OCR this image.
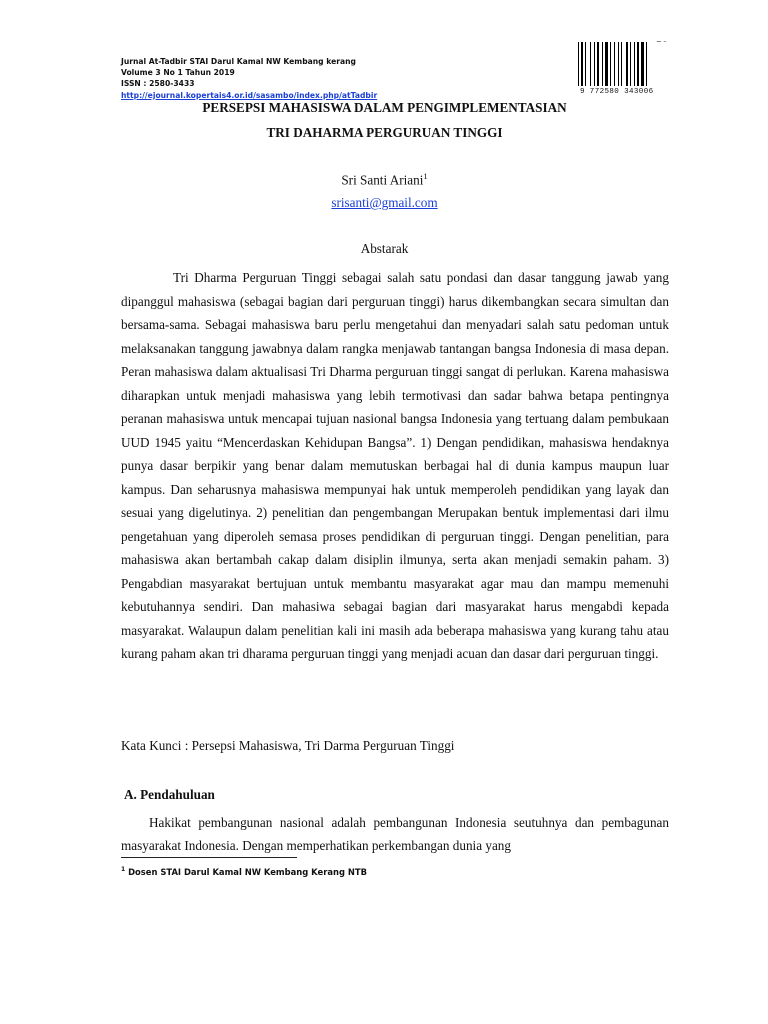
Jurnal At-Tadbir STAI Darul Kamal NW Kembang kerang
Volume 3 No 1 Tahun 2019
ISSN : 2580-3433
http://ejournal.kopertais4.or.id/sasambo/index.php/atTadbir	9 772580 343006
PERSEPSI MAHASISWA DALAM PENGIMPLEMENTASIAN
TRI DAHARMA PERGURUAN TINGGI
Sri Santi Ariani$^1$
srisanti@gmail.com
Abstarak

Tri Dharma Perguruan Tinggi sebagai salah satu pondasi dan dasar tanggung jawab yang dipanggul mahasiswa (sebagai bagian dari perguruan tinggi) harus dikembangkan secara simultan dan bersama-sama. Sebagai mahasiswa baru perlu mengetahui dan menyadari salah satu pedoman untuk melaksanakan tanggung jawabnya dalam rangka menjawab tantangan bangsa Indonesia di masa depan. Peran mahasiswa dalam aktualisasi Tri Dharma perguruan tinggi sangat di perlukan. Karena mahasiswa diharapkan untuk menjadi mahasiswa yang lebih termotivasi dan sadar bahwa betapa pentingnya peranan mahasiswa untuk mencapai tujuan nasional bangsa Indonesia yang tertuang dalam pembukaan UUD 1945 yaitu “Mencerdaskan Kehidupan Bangsa”. 1) Dengan pendidikan, mahasiswa hendaknya punya dasar berpikir yang benar dalam memutuskan berbagai hal di dunia kampus maupun luar kampus. Dan seharusnya mahasiswa mempunyai hak untuk memperoleh pendidikan yang layak dan sesuai yang digelutinya. 2) penelitian dan pengembangan Merupakan bentuk implementasi dari ilmu pengetahuan yang diperoleh semasa proses pendidikan di perguruan tinggi. Dengan penelitian, para mahasiswa akan bertambah cakap dalam disiplin ilmunya, serta akan menjadi semakin paham. 3) Pengabdian masyarakat bertujuan untuk membantu masyarakat agar mau dan mampu memenuhi kebutuhannya sendiri. Dan mahasiwa sebagai bagian dari masyarakat harus mengabdi kepada masyarakat. Walaupun dalam penelitian kali ini masih ada beberapa mahasiswa yang kurang tahu atau kurang paham akan tri dharama perguruan tinggi yang menjadi acuan dan dasar dari perguruan tinggi.

Kata Kunci : Persepsi Mahasiswa, Tri Darma Perguruan Tinggi
A. Pendahuluan

Hakikat pembangunan nasional adalah pembangunan Indonesia seutuhnya dan pembagunan masyarakat Indonesia. Dengan memperhatikan perkembangan dunia yang

$^1$ Dosen STAI Darul Kamal NW Kembang Kerang NTB
